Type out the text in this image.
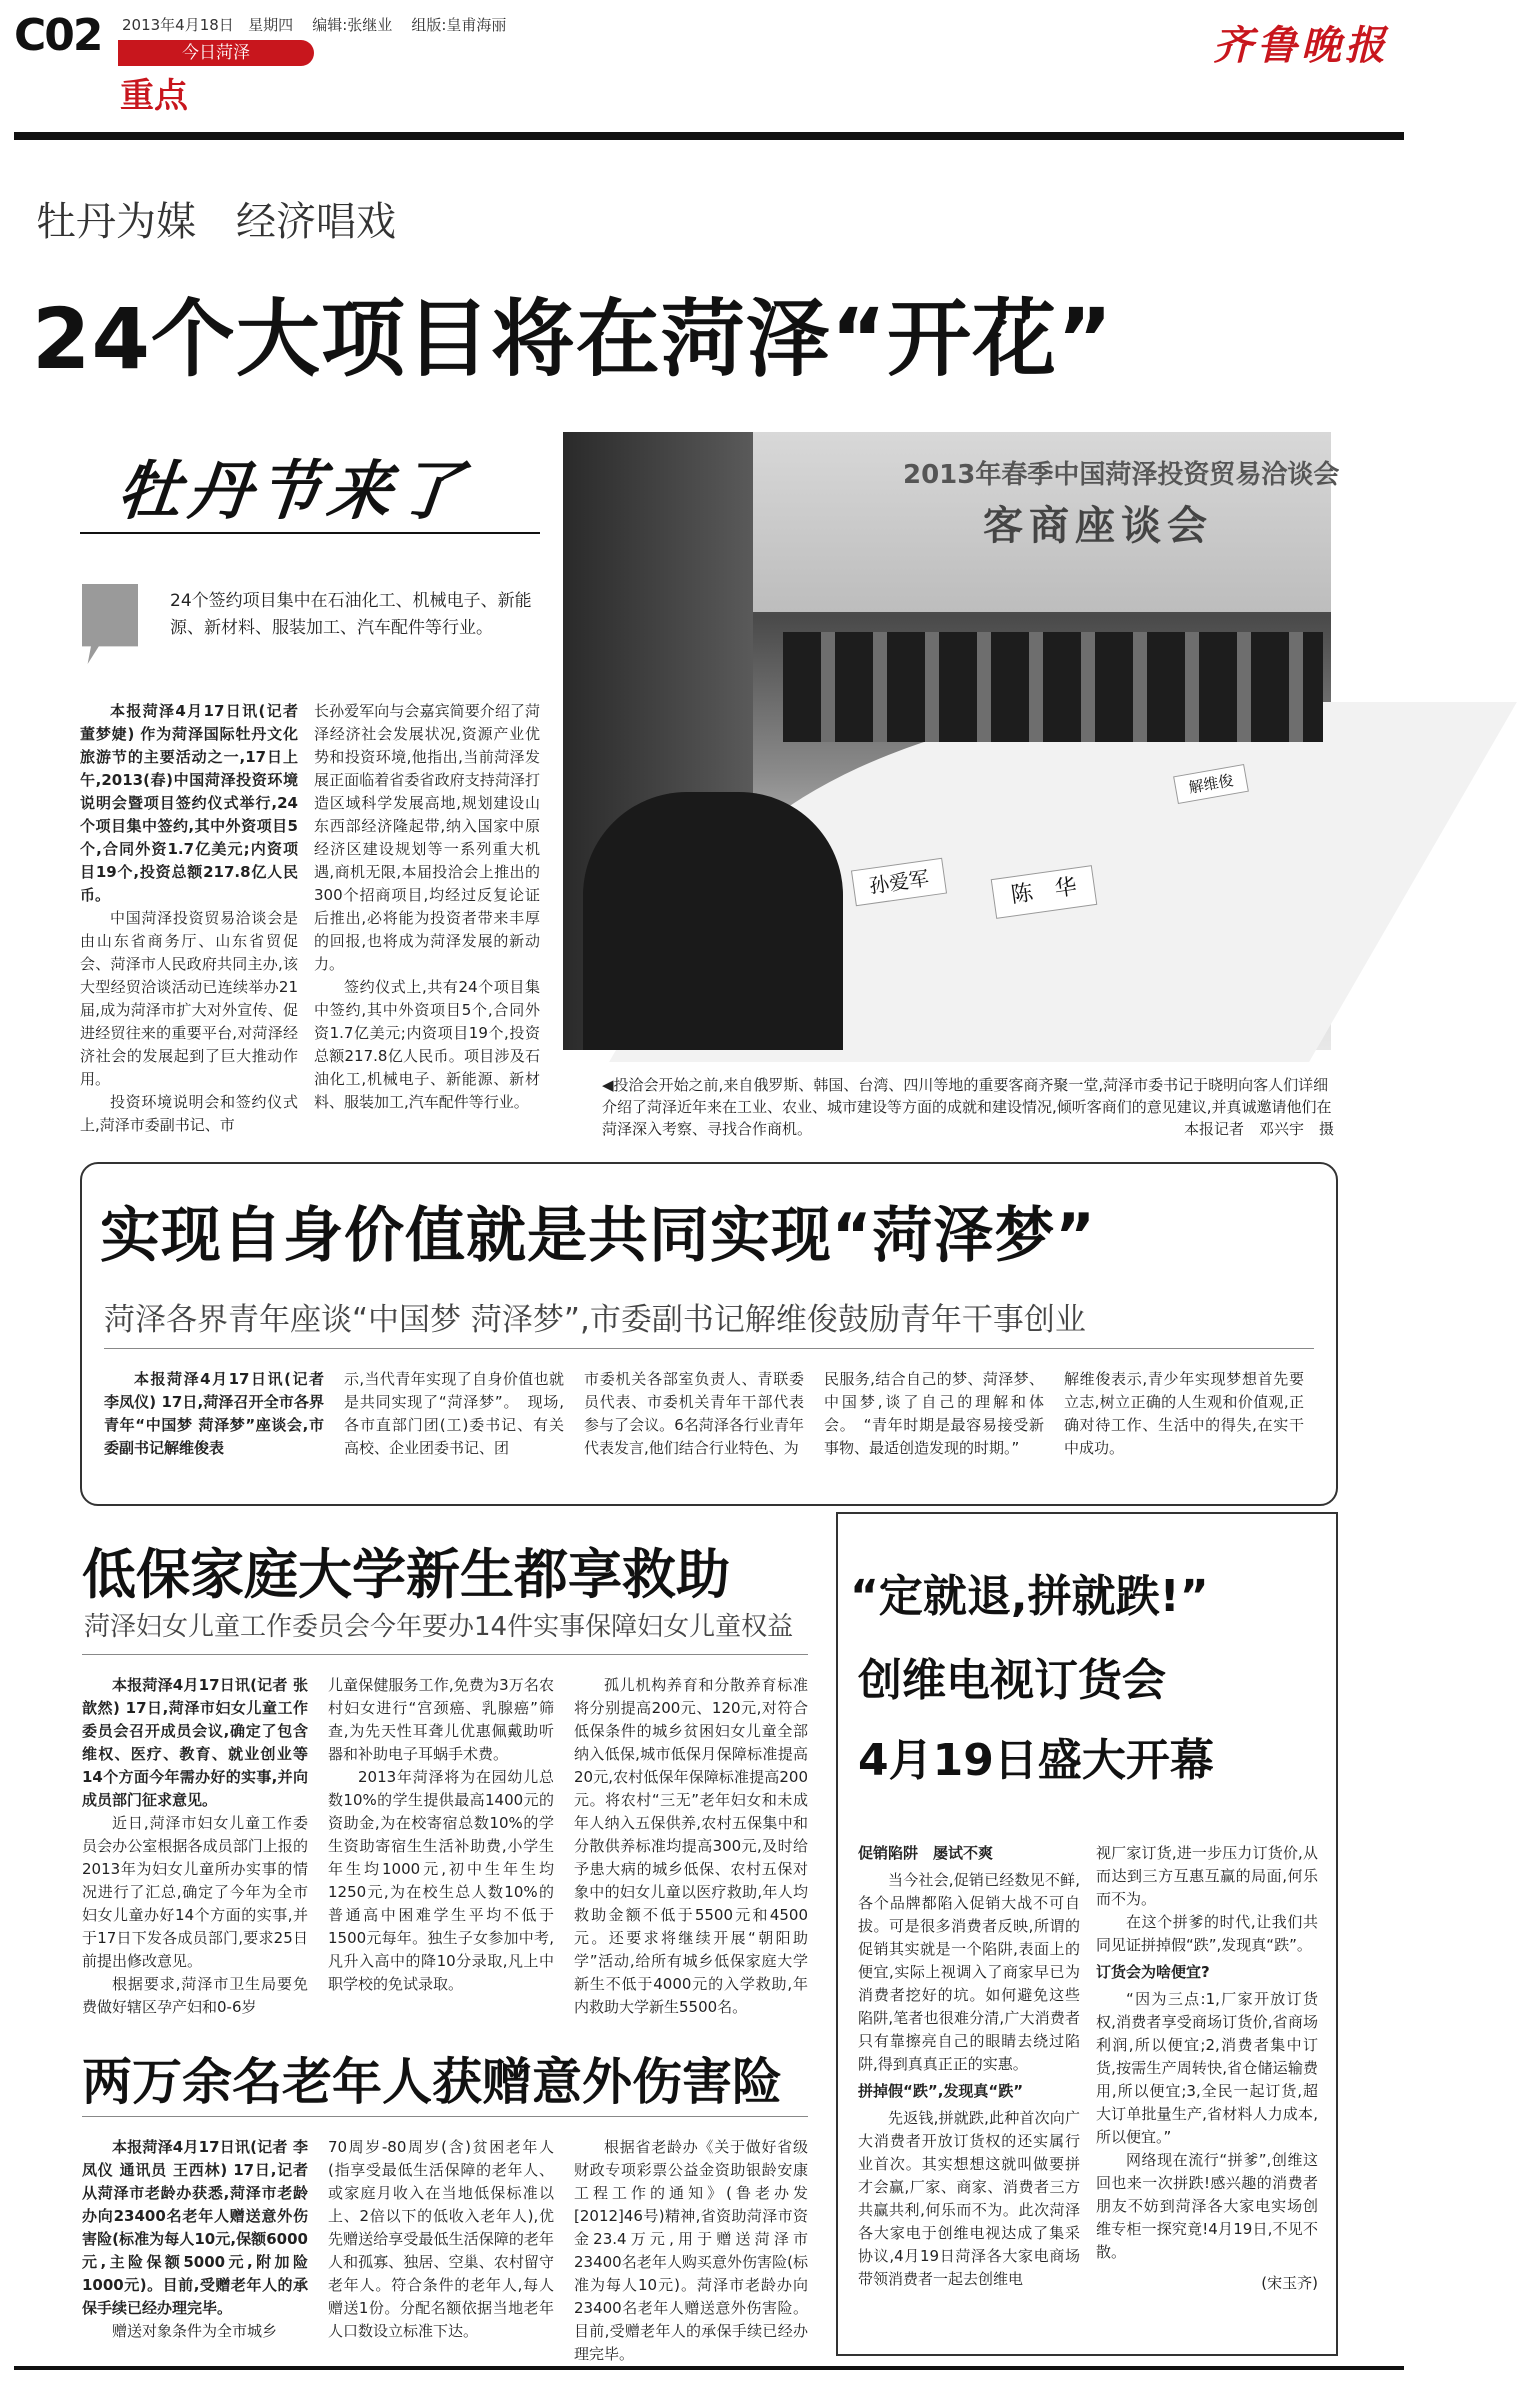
C02 2013年4月18日 星期四 编辑:张继业 组版:皇甫海丽
今日菏泽
重点
齐鲁晚报
牡丹为媒　经济唱戏
24个大项目将在菏泽“开花”
牡丹节来了
24个签约项目集中在石油化工、机械电子、新能源、新材料、服装加工、汽车配件等行业。

本报菏泽4月17日讯(记者 董梦婕) 作为菏泽国际牡丹文化旅游节的主要活动之一,17日上午,2013(春)中国菏泽投资环境说明会暨项目签约仪式举行,24个项目集中签约,其中外资项目5个,合同外资1.7亿美元;内资项目19个,投资总额217.8亿人民币。

中国菏泽投资贸易洽谈会是由山东省商务厅、山东省贸促会、菏泽市人民政府共同主办,该大型经贸洽谈活动已连续举办21届,成为菏泽市扩大对外宣传、促进经贸往来的重要平台,对菏泽经济社会的发展起到了巨大推动作用。

投资环境说明会和签约仪式上,菏泽市委副书记、市

长孙爱军向与会嘉宾简要介绍了菏泽经济社会发展状况,资源产业优势和投资环境,他指出,当前菏泽发展正面临着省委省政府支持菏泽打造区域科学发展高地,规划建设山东西部经济隆起带,纳入国家中原经济区建设规划等一系列重大机遇,商机无限,本届投洽会上推出的300个招商项目,均经过反复论证后推出,必将能为投资者带来丰厚的回报,也将成为菏泽发展的新动力。

签约仪式上,共有24个项目集中签约,其中外资项目5个,合同外资1.7亿美元;内资项目19个,投资总额217.8亿人民币。项目涉及石油化工,机械电子、新能源、新材料、服装加工,汽车配件等行业。

2013年春季中国菏泽投资贸易洽谈会
客商座谈会
孙爱军	陈　华
解维俊
◀投洽会开始之前,来自俄罗斯、韩国、台湾、四川等地的重要客商齐聚一堂,菏泽市委书记于晓明向客人们详细介绍了菏泽近年来在工业、农业、城市建设等方面的成就和建设情况,倾听客商们的意见建议,并真诚邀请他们在菏泽深入考察、寻找合作商机。	本报记者　邓兴宇　摄
实现自身价值就是共同实现“菏泽梦”
菏泽各界青年座谈“中国梦 菏泽梦”,市委副书记解维俊鼓励青年干事创业

本报菏泽4月17日讯(记者 李凤仪) 17日,菏泽召开全市各界青年“中国梦 菏泽梦”座谈会,市委副书记解维俊表

示,当代青年实现了自身价值也就是共同实现了“菏泽梦”。　现场,各市直部门团(工)委书记、有关高校、企业团委书记、团

市委机关各部室负责人、青联委员代表、市委机关青年干部代表参与了会议。6名菏泽各行业青年代表发言,他们结合行业特色、为

民服务,结合自己的梦、菏泽梦、中国梦,谈了自己的理解和体会。　“青年时期是最容易接受新事物、最适创造发现的时期。”

解维俊表示,青少年实现梦想首先要立志,树立正确的人生观和价值观,正确对待工作、生活中的得失,在实干中成功。

低保家庭大学新生都享救助
菏泽妇女儿童工作委员会今年要办14件实事保障妇女儿童权益

本报菏泽4月17日讯(记者 张歆然) 17日,菏泽市妇女儿童工作委员会召开成员会议,确定了包含维权、医疗、教育、就业创业等14个方面今年需办好的实事,并向成员部门征求意见。

近日,菏泽市妇女儿童工作委员会办公室根据各成员部门上报的2013年为妇女儿童所办实事的情况进行了汇总,确定了今年为全市妇女儿童办好14个方面的实事,并于17日下发各成员部门,要求25日前提出修改意见。

根据要求,菏泽市卫生局要免费做好辖区孕产妇和0-6岁

儿童保健服务工作,免费为3万名农村妇女进行“宫颈癌、乳腺癌”筛查,为先天性耳聋儿优惠佩戴助听器和补助电子耳蜗手术费。

2013年菏泽将为在园幼儿总数10%的学生提供最高1400元的资助金,为在校寄宿总数10%的学生资助寄宿生生活补助费,小学生年生均1000元,初中生年生均1250元,为在校生总人数10%的普通高中困难学生平均不低于1500元每年。独生子女参加中考,凡升入高中的降10分录取,凡上中职学校的免试录取。

孤儿机构养育和分散养育标准将分别提高200元、120元,对符合低保条件的城乡贫困妇女儿童全部纳入低保,城市低保月保障标准提高20元,农村低保年保障标准提高200元。将农村“三无”老年妇女和未成年人纳入五保供养,农村五保集中和分散供养标准均提高300元,及时给予患大病的城乡低保、农村五保对象中的妇女儿童以医疗救助,年人均救助金额不低于5500元和4500元。还要求将继续开展“朝阳助学”活动,给所有城乡低保家庭大学新生不低于4000元的入学救助,年内救助大学新生5500名。

两万余名老年人获赠意外伤害险

本报菏泽4月17日讯(记者 李凤仪 通讯员 王西林) 17日,记者从菏泽市老龄办获悉,菏泽市老龄办向23400名老年人赠送意外伤害险(标准为每人10元,保额6000元,主险保额5000元,附加险1000元)。目前,受赠老年人的承保手续已经办理完毕。

赠送对象条件为全市城乡

70周岁-80周岁(含)贫困老年人(指享受最低生活保障的老年人、或家庭月收入在当地低保标准以上、2倍以下的低收入老年人),优先赠送给享受最低生活保障的老年人和孤寡、独居、空巢、农村留守老年人。符合条件的老年人,每人赠送1份。分配名额依据当地老年人口数设立标准下达。

根据省老龄办《关于做好省级财政专项彩票公益金资助银龄安康工程工作的通知》(鲁老办发[2012]46号)精神,省资助菏泽市资金23.4万元,用于赠送菏泽市23400名老年人购买意外伤害险(标准为每人10元)。菏泽市老龄办向23400名老年人赠送意外伤害险。目前,受赠老年人的承保手续已经办理完毕。

“定就退,拼就跌!”
创维电视订货会
4月19日盛大开幕
促销陷阱　屡试不爽

当今社会,促销已经数见不鲜,各个品牌都陷入促销大战不可自拔。可是很多消费者反映,所谓的促销其实就是一个陷阱,表面上的便宜,实际上视调入了商家早已为消费者挖好的坑。如何避免这些陷阱,笔者也很难分清,广大消费者只有靠擦亮自己的眼睛去绕过陷阱,得到真真正正的实惠。

拼掉假“跌”,发现真“跌”

先返钱,拼就跌,此种首次向广大消费者开放订货权的还实属行业首次。其实想想这就叫做要拼才会赢,厂家、商家、消费者三方共赢共利,何乐而不为。此次菏泽各大家电于创维电视达成了集采协议,4月19日菏泽各大家电商场带领消费者一起去创维电

视厂家订货,进一步压力订货价,从而达到三方互惠互赢的局面,何乐而不为。

在这个拼爹的时代,让我们共同见证拼掉假“跌”,发现真“跌”。

订货会为啥便宜?

“因为三点:1,厂家开放订货权,消费者享受商场订货价,省商场利润,所以便宜;2,消费者集中订货,按需生产周转快,省仓储运输费用,所以便宜;3,全民一起订货,超大订单批量生产,省材料人力成本,所以便宜。”

网络现在流行“拼爹”,创维这回也来一次拼跌!感兴趣的消费者朋友不妨到菏泽各大家电实场创维专柜一探究竟!4月19日,不见不散。

(宋玉齐)
